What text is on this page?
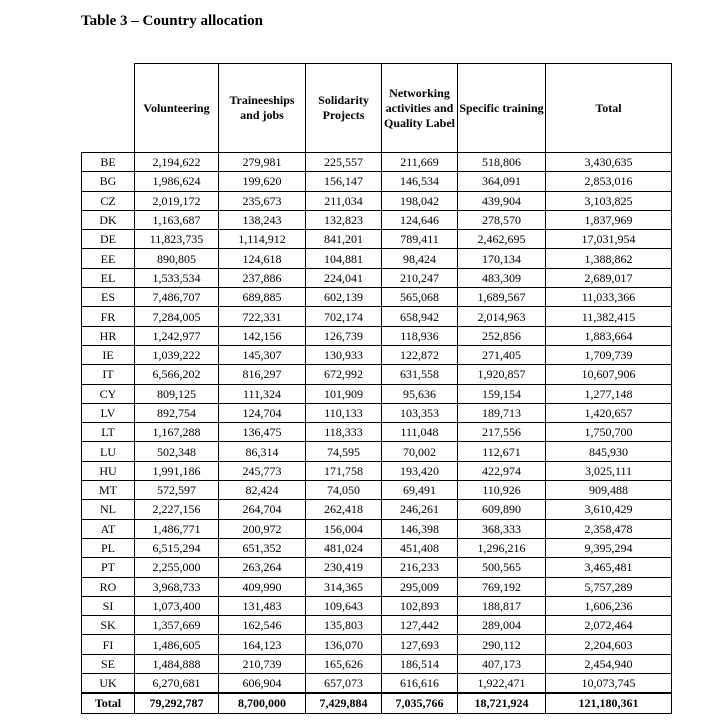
Table 3 – Country allocation
	Volunteering	Traineeships and jobs	Solidarity Projects	Networking activities and Quality Label	Specific training	Total
BE	2,194,622	279,981	225,557	211,669	518,806	3,430,635
BG	1,986,624	199,620	156,147	146,534	364,091	2,853,016
CZ	2,019,172	235,673	211,034	198,042	439,904	3,103,825
DK	1,163,687	138,243	132,823	124,646	278,570	1,837,969
DE	11,823,735	1,114,912	841,201	789,411	2,462,695	17,031,954
EE	890,805	124,618	104,881	98,424	170,134	1,388,862
EL	1,533,534	237,886	224,041	210,247	483,309	2,689,017
ES	7,486,707	689,885	602,139	565,068	1,689,567	11,033,366
FR	7,284,005	722,331	702,174	658,942	2,014,963	11,382,415
HR	1,242,977	142,156	126,739	118,936	252,856	1,883,664
IE	1,039,222	145,307	130,933	122,872	271,405	1,709,739
IT	6,566,202	816,297	672,992	631,558	1,920,857	10,607,906
CY	809,125	111,324	101,909	95,636	159,154	1,277,148
LV	892,754	124,704	110,133	103,353	189,713	1,420,657
LT	1,167,288	136,475	118,333	111,048	217,556	1,750,700
LU	502,348	86,314	74,595	70,002	112,671	845,930
HU	1,991,186	245,773	171,758	193,420	422,974	3,025,111
MT	572,597	82,424	74,050	69,491	110,926	909,488
NL	2,227,156	264,704	262,418	246,261	609,890	3,610,429
AT	1,486,771	200,972	156,004	146,398	368,333	2,358,478
PL	6,515,294	651,352	481,024	451,408	1,296,216	9,395,294
PT	2,255,000	263,264	230,419	216,233	500,565	3,465,481
RO	3,968,733	409,990	314,365	295,009	769,192	5,757,289
SI	1,073,400	131,483	109,643	102,893	188,817	1,606,236
SK	1,357,669	162,546	135,803	127,442	289,004	2,072,464
FI	1,486,605	164,123	136,070	127,693	290,112	2,204,603
SE	1,484,888	210,739	165,626	186,514	407,173	2,454,940
UK	6,270,681	606,904	657,073	616,616	1,922,471	10,073,745
Total	79,292,787	8,700,000	7,429,884	7,035,766	18,721,924	121,180,361
